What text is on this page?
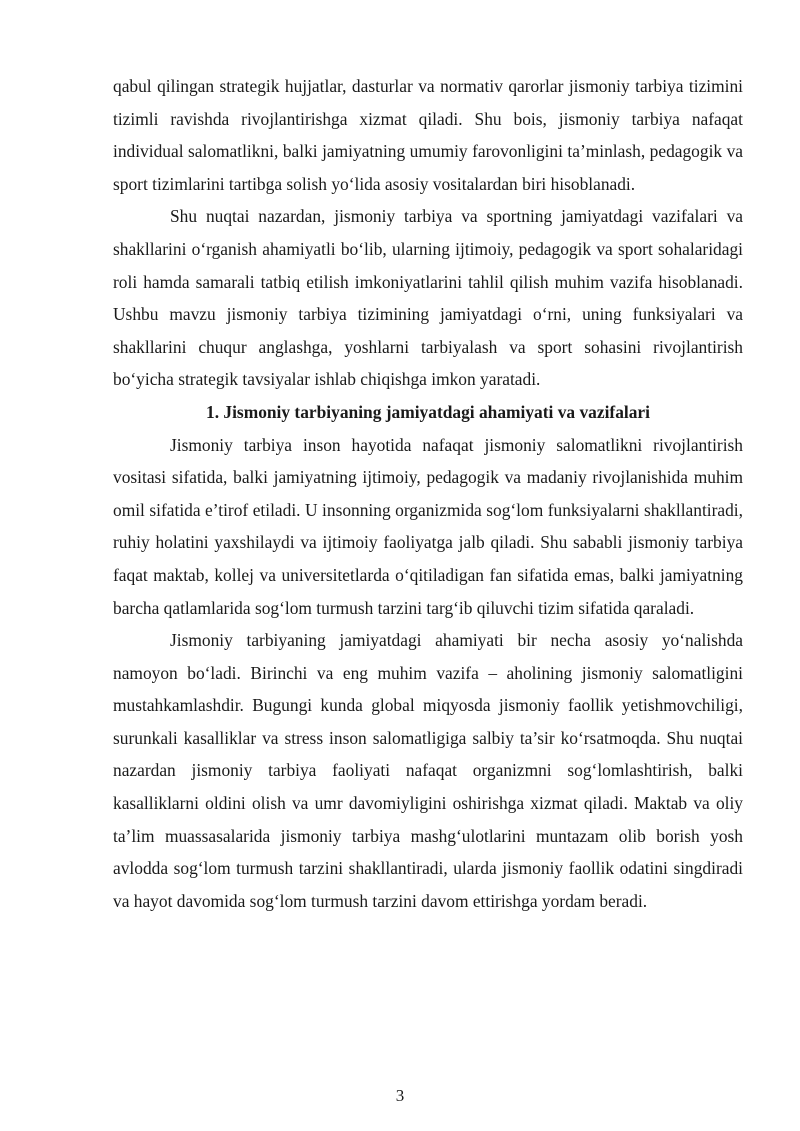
qabul qilingan strategik hujjatlar, dasturlar va normativ qarorlar jismoniy tarbiya tizimini tizimli ravishda rivojlantirishga xizmat qiladi. Shu bois, jismoniy tarbiya nafaqat individual salomatlikni, balki jamiyatning umumiy farovonligini ta’minlash, pedagogik va sport tizimlarini tartibga solish yo‘lida asosiy vositalardan biri hisoblanadi.

Shu nuqtai nazardan, jismoniy tarbiya va sportning jamiyatdagi vazifalari va shakllarini o‘rganish ahamiyatli bo‘lib, ularning ijtimoiy, pedagogik va sport sohalaridagi roli hamda samarali tatbiq etilish imkoniyatlarini tahlil qilish muhim vazifa hisoblanadi. Ushbu mavzu jismoniy tarbiya tizimining jamiyatdagi o‘rni, uning funksiyalari va shakllarini chuqur anglashga, yoshlarni tarbiyalash va sport sohasini rivojlantirish bo‘yicha strategik tavsiyalar ishlab chiqishga imkon yaratadi.

1. Jismoniy tarbiyaning jamiyatdagi ahamiyati va vazifalari

Jismoniy tarbiya inson hayotida nafaqat jismoniy salomatlikni rivojlantirish vositasi sifatida, balki jamiyatning ijtimoiy, pedagogik va madaniy rivojlanishida muhim omil sifatida e’tirof etiladi. U insonning organizmida sog‘lom funksiyalarni shakllantiradi, ruhiy holatini yaxshilaydi va ijtimoiy faoliyatga jalb qiladi. Shu sababli jismoniy tarbiya faqat maktab, kollej va universitetlarda o‘qitiladigan fan sifatida emas, balki jamiyatning barcha qatlamlarida sog‘lom turmush tarzini targ‘ib qiluvchi tizim sifatida qaraladi.

Jismoniy tarbiyaning jamiyatdagi ahamiyati bir necha asosiy yo‘nalishda namoyon bo‘ladi. Birinchi va eng muhim vazifa – aholining jismoniy salomatligini mustahkamlashdir. Bugungi kunda global miqyosda jismoniy faollik yetishmovchiligi, surunkali kasalliklar va stress inson salomatligiga salbiy ta’sir ko‘rsatmoqda. Shu nuqtai nazardan jismoniy tarbiya faoliyati nafaqat organizmni sog‘lomlashtirish, balki kasalliklarni oldini olish va umr davomiyligini oshirishga xizmat qiladi. Maktab va oliy ta’lim muassasalarida jismoniy tarbiya mashg‘ulotlarini muntazam olib borish yosh avlodda sog‘lom turmush tarzini shakllantiradi, ularda jismoniy faollik odatini singdiradi va hayot davomida sog‘lom turmush tarzini davom ettirishga yordam beradi.

3
